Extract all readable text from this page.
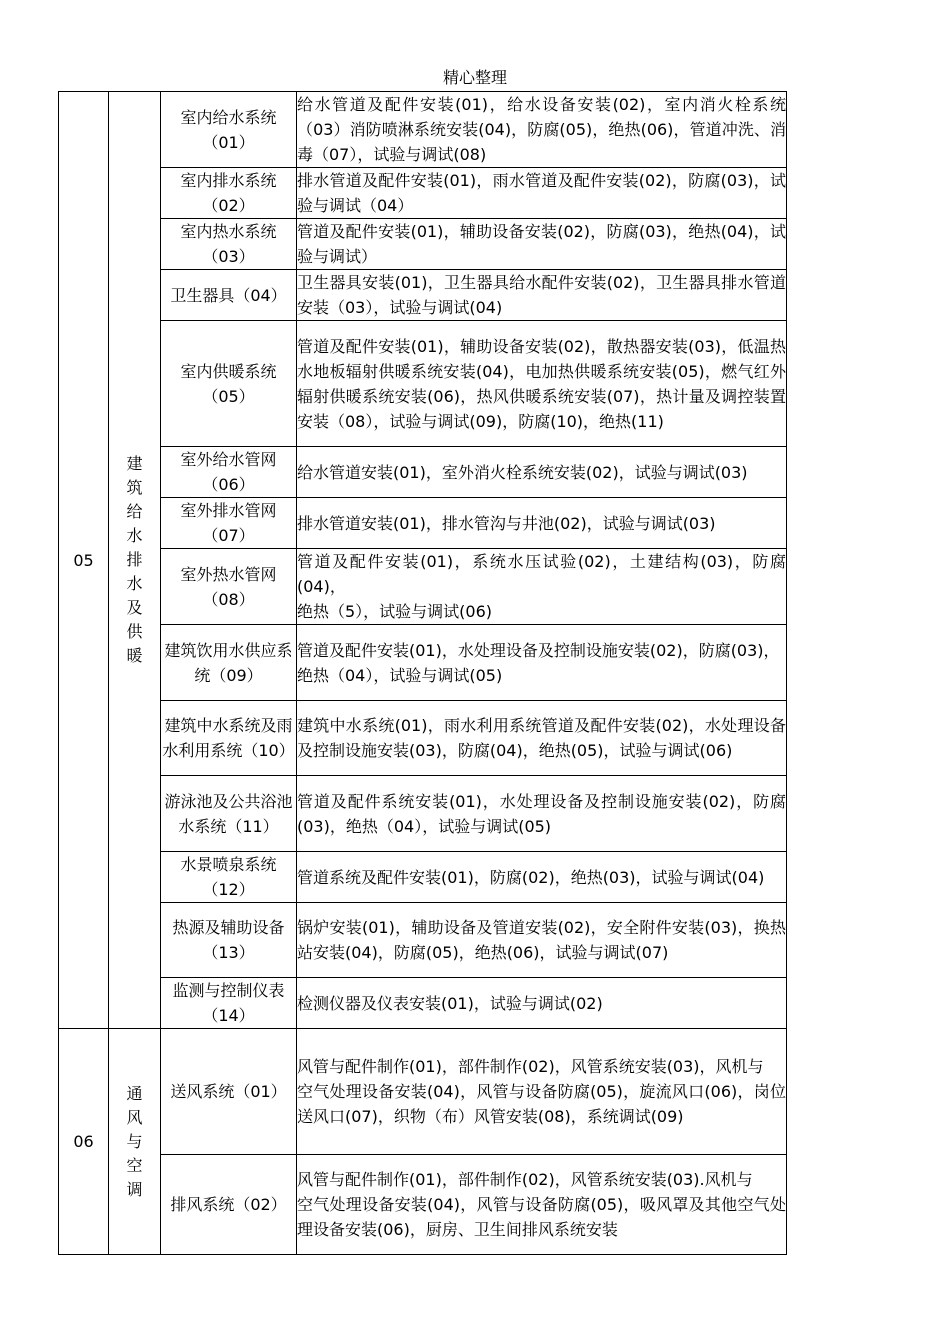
精心整理
05	建筑给水排水及供暖	室内给水系统（01）	给水管道及配件安装(01)，给水设备安装(02)，室内消火栓系统（03）消防喷淋系统安装(04)，防腐(05)，绝热(06)，管道冲洗、消毒（07），试验与调试(08)
		室内排水系统（02）	排水管道及配件安装(01)，雨水管道及配件安装(02)，防腐(03)，试验与调试（04）
		室内热水系统（03）	管道及配件安装(01)，辅助设备安装(02)，防腐(03)，绝热(04)，试验与调试）
		卫生器具（04）	卫生器具安装(01)，卫生器具给水配件安装(02)，卫生器具排水管道安装（03），试验与调试(04)
		室内供暖系统（05）	管道及配件安装(01)，辅助设备安装(02)，散热器安装(03)，低温热水地板辐射供暖系统安装(04)，电加热供暖系统安装(05)，燃气红外辐射供暖系统安装(06)，热风供暖系统安装(07)，热计量及调控装置安装（08），试验与调试(09)，防腐(10)，绝热(11)
		室外给水管网（06）	给水管道安装(01)，室外消火栓系统安装(02)，试验与调试(03)
		室外排水管网（07）	排水管道安装(01)，排水管沟与井池(02)，试验与调试(03)
		室外热水管网（08）	管道及配件安装(01)，系统水压试验(02)，土建结构(03)，防腐(04)，
绝热（5），试验与调试(06)
		建筑饮用水供应系统（09）	管道及配件安装(01)，水处理设备及控制设施安装(02)，防腐(03)，
绝热（04），试验与调试(05)
		建筑中水系统及雨水利用系统（10）	建筑中水系统(01)，雨水利用系统管道及配件安装(02)，水处理设备及控制设施安装(03)，防腐(04)，绝热(05)，试验与调试(06)
		游泳池及公共浴池水系统（11）	管道及配件系统安装(01)，水处理设备及控制设施安装(02)，防腐(03)，绝热（04），试验与调试(05)
		水景喷泉系统（12）	管道系统及配件安装(01)，防腐(02)，绝热(03)，试验与调试(04)
		热源及辅助设备（13）	锅炉安装(01)，辅助设备及管道安装(02)，安全附件安装(03)，换热站安装(04)，防腐(05)，绝热(06)，试验与调试(07)
		监测与控制仪表（14）	检测仪器及仪表安装(01)，试验与调试(02)
06	通风与空调	送风系统（01）	风管与配件制作(01)，部件制作(02)，风管系统安装(03)，风机与
空气处理设备安装(04)，风管与设备防腐(05)，旋流风口(06)，岗位送风口(07)，织物（布）风管安装(08)，系统调试(09)
		排风系统（02）	风管与配件制作(01)，部件制作(02)，风管系统安装(03).风机与
空气处理设备安装(04)，风管与设备防腐(05)，吸风罩及其他空气处理设备安装(06)，厨房、卫生间排风系统安装
